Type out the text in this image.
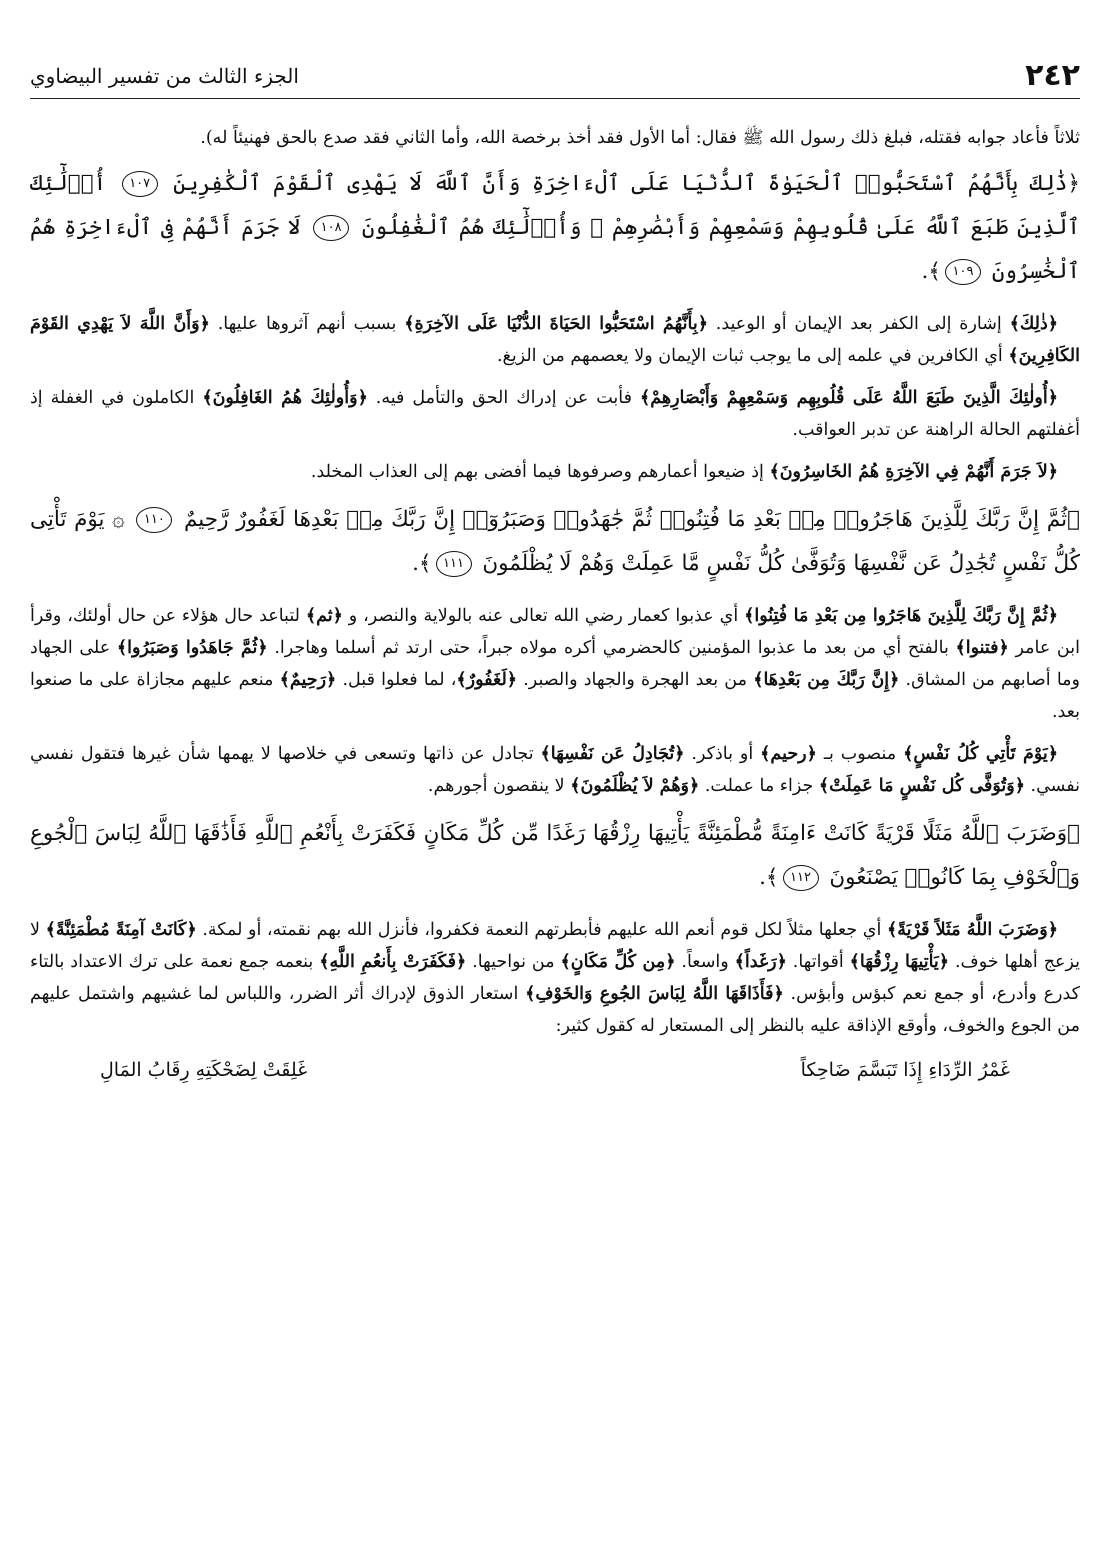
٢٤٢
الجزء الثالث من تفسير البيضاوي

ثلاثاً فأعاد جوابه فقتله، فبلغ ذلك رسول الله ﷺ فقال: أما الأول فقد أخذ برخصة الله، وأما الثاني فقد صدع بالحق فهنيئاً له).

﴿ذَٰلِكَ بِأَنَّهُمُ ٱسْتَحَبُّوا۟ ٱلْحَيَوٰةَ ٱلدُّنْيَا عَلَى ٱلْءَاخِرَةِ وَأَنَّ ٱللَّهَ لَا يَهْدِى ٱلْقَوْمَ ٱلْكَٰفِرِينَ ١٠٧ أُو۟لَٰٓئِكَ ٱلَّذِينَ طَبَعَ ٱللَّهُ عَلَىٰ قُلُوبِهِمْ وَسَمْعِهِمْ وَأَبْصَٰرِهِمْ ۖ وَأُو۟لَٰٓئِكَ هُمُ ٱلْغَٰفِلُونَ ١٠٨ لَا جَرَمَ أَنَّهُمْ فِى ٱلْءَاخِرَةِ هُمُ ٱلْخَٰسِرُونَ ١٠٩﴾.

﴿ذٰلِكَ﴾ إشارة إلى الكفر بعد الإيمان أو الوعيد. ﴿بِأَنَّهُمُ اسْتَحَبُّوا الحَيَاةَ الدُّنْيَا عَلَى الآخِرَةِ﴾ بسبب أنهم آثروها عليها. ﴿وَأَنَّ اللَّهَ لاَ يَهْدِي القَوْمَ الكَافِرِينَ﴾ أي الكافرين في علمه إلى ما يوجب ثبات الإيمان ولا يعصمهم من الزيغ.

﴿أُولٰئِكَ الَّذِينَ طَبَعَ اللَّهُ عَلَى قُلُوبِهِم وَسَمْعِهِمْ وَأَبْصَارِهِمْ﴾ فأبت عن إدراك الحق والتأمل فيه. ﴿وَأُولٰئِكَ هُمُ الغَافِلُونَ﴾ الكاملون في الغفلة إذ أغفلتهم الحالة الراهنة عن تدبر العواقب.

﴿لاَ جَرَمَ أَنَّهُمْ فِي الآخِرَةِ هُمُ الخَاسِرُونَ﴾ إذ ضيعوا أعمارهم وصرفوها فيما أفضى بهم إلى العذاب المخلد.

﴿ثُمَّ إِنَّ رَبَّكَ لِلَّذِينَ هَاجَرُوا۟ مِنۢ بَعْدِ مَا فُتِنُوا۟ ثُمَّ جَٰهَدُوا۟ وَصَبَرُوٓا۟ إِنَّ رَبَّكَ مِنۢ بَعْدِهَا لَغَفُورٌ رَّحِيمٌ ١١٠ ۞ يَوْمَ تَأْتِى كُلُّ نَفْسٍ تُجَٰدِلُ عَن نَّفْسِهَا وَتُوَفَّىٰ كُلُّ نَفْسٍ مَّا عَمِلَتْ وَهُمْ لَا يُظْلَمُونَ ١١١﴾.

﴿ثُمَّ إِنَّ رَبَّكَ لِلَّذِينَ هَاجَرُوا مِن بَعْدِ مَا فُتِنُوا﴾ أي عذبوا كعمار رضي الله تعالى عنه بالولاية والنصر، و ﴿ثم﴾ لتباعد حال هؤلاء عن حال أولئك، وقرأ ابن عامر ﴿فتنوا﴾ بالفتح أي من بعد ما عذبوا المؤمنين كالحضرمي أكره مولاه جبراً، حتى ارتد ثم أسلما وهاجرا. ﴿ثُمَّ جَاهَدُوا وَصَبَرُوا﴾ على الجهاد وما أصابهم من المشاق. ﴿إِنَّ رَبَّكَ مِن بَعْدِهَا﴾ من بعد الهجرة والجهاد والصبر. ﴿لَغَفُورٌ﴾، لما فعلوا قبل. ﴿رَحِيمٌ﴾ منعم عليهم مجازاة على ما صنعوا بعد.

﴿يَوْمَ تَأْتِي كُلُ نَفْسٍ﴾ منصوب بـ ﴿رحيم﴾ أو باذكر. ﴿تُجَادِلُ عَن نَفْسِهَا﴾ تجادل عن ذاتها وتسعى في خلاصها لا يهمها شأن غيرها فتقول نفسي نفسي. ﴿وَتُوَفَّى كُل نَفْسٍ مَا عَمِلَتْ﴾ جزاء ما عملت. ﴿وَهُمْ لاَ يُظْلَمُونَ﴾ لا ينقصون أجورهم.

﴿وَضَرَبَ ٱللَّهُ مَثَلًا قَرْيَةً كَانَتْ ءَامِنَةً مُّطْمَئِنَّةً يَأْتِيهَا رِزْقُهَا رَغَدًا مِّن كُلِّ مَكَانٍ فَكَفَرَتْ بِأَنْعُمِ ٱللَّهِ فَأَذَٰقَهَا ٱللَّهُ لِبَاسَ ٱلْجُوعِ وَٱلْخَوْفِ بِمَا كَانُوا۟ يَصْنَعُونَ ١١٢﴾.

﴿وَضَرَبَ اللَّهُ مَثَلاً قَرْيَةً﴾ أي جعلها مثلاً لكل قوم أنعم الله عليهم فأبطرتهم النعمة فكفروا، فأنزل الله بهم نقمته، أو لمكة. ﴿كَانَتْ آمِنَةً مُطْمَئِنَّةً﴾ لا يزعج أهلها خوف. ﴿يَأْتِيهَا رِزْقُهَا﴾ أقواتها. ﴿رَغَداً﴾ واسعاً. ﴿مِن كُلِّ مَكَانٍ﴾ من نواحيها. ﴿فَكَفَرَتْ بِأَنعُمِ اللَّهِ﴾ بنعمه جمع نعمة على ترك الاعتداد بالتاء كدرع وأدرع، أو جمع نعم كبؤس وأبؤس. ﴿فَأَذَاقَهَا اللَّهُ لِبَاسَ الجُوعِ وَالخَوْفِ﴾ استعار الذوق لإدراك أثر الضرر، واللباس لما غشيهم واشتمل عليهم من الجوع والخوف، وأوقع الإذاقة عليه بالنظر إلى المستعار له كقول كثير:

غَمْرُ الرِّدَاءِ إِذَا تَبَسَّمَ ضَاحِكاً
غَلِقَتْ لِضَحْكَتِهِ رِقَابُ المَالِ
